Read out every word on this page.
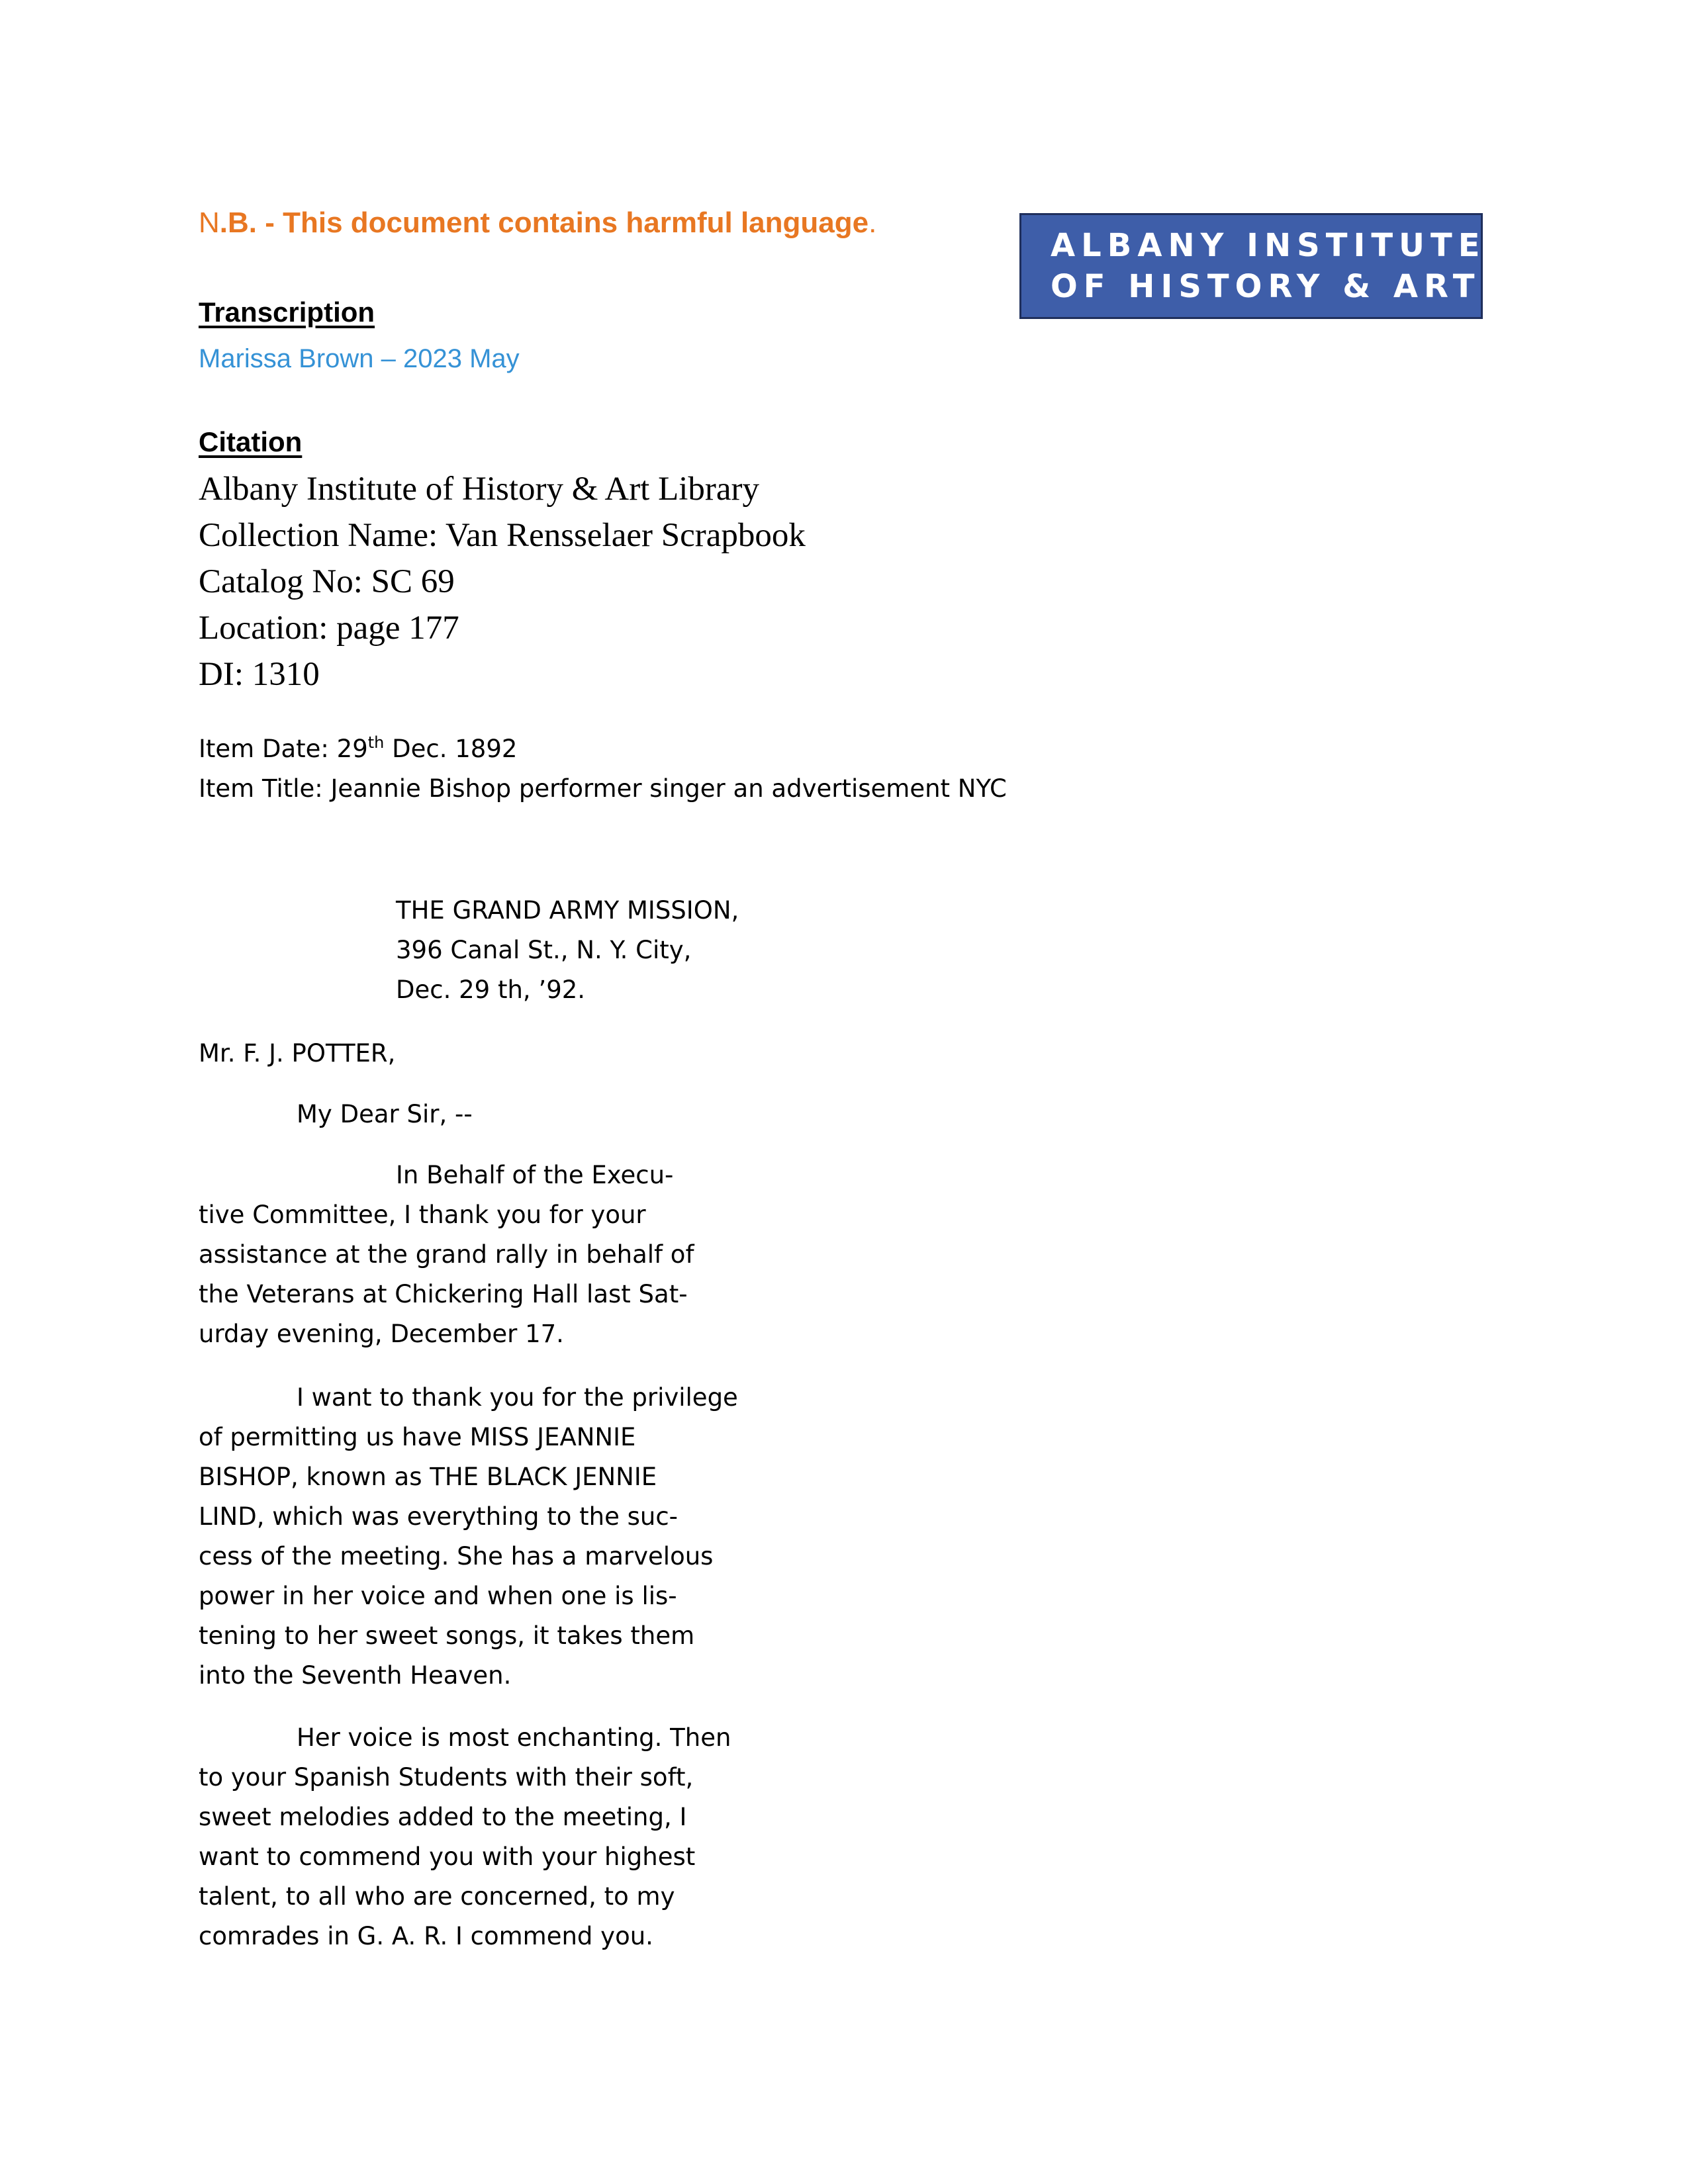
N.B. - This document contains harmful language.
ALBANY INSTITUTE
OF HISTORY & ART
Transcription
Marissa Brown – 2023 May
Citation
Albany Institute of History & Art Library
Collection Name: Van Rensselaer Scrapbook
Catalog No: SC 69
Location: page 177
DI: 1310
Item Date: 29th Dec. 1892
Item Title: Jeannie Bishop performer singer an advertisement NYC
THE GRAND ARMY MISSION,
396 Canal St., N. Y. City,
Dec. 29 th, ’92.
Mr. F. J. POTTER,
My Dear Sir, --
In Behalf of the Execu-
tive Committee, I thank you for your
assistance at the grand rally in behalf of
the Veterans at Chickering Hall last Sat-
urday evening, December 17.
I want to thank you for the privilege
of permitting us have MISS JEANNIE
BISHOP, known as THE BLACK JENNIE
LIND, which was everything to the suc-
cess of the meeting. She has a marvelous
power in her voice and when one is lis-
tening to her sweet songs, it takes them
into the Seventh Heaven.
Her voice is most enchanting. Then
to your Spanish Students with their soft,
sweet melodies added to the meeting, I
want to commend you with your highest
talent, to all who are concerned, to my
comrades in G. A. R. I commend you.
